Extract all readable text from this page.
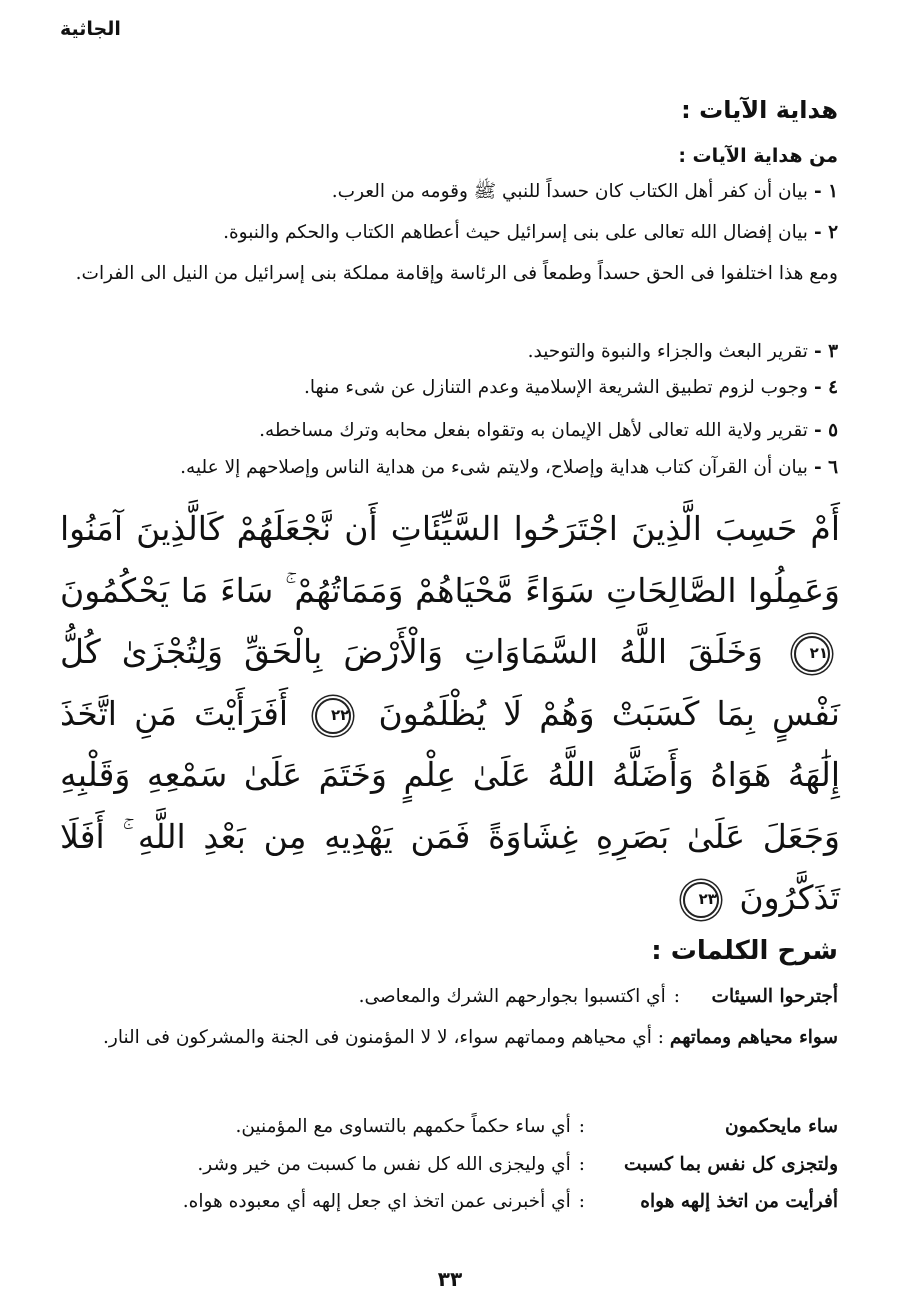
الجاثية
هداية الآيات :
من هداية الآيات :
١ -بيان أن كفر أهل الكتاب كان حسداً للنبي ﷺ وقومه من العرب.
٢ -بيان إفضال الله تعالى على بنى إسرائيل حيث أعطاهم الكتاب والحكم والنبوة.
ومع هذا اختلفوا فى الحق حسداً وطمعاً فى الرئاسة وإقامة مملكة بنى إسرائيل من النيل الى الفرات.
٣ -تقرير البعث والجزاء والنبوة والتوحيد.
٤ -وجوب لزوم تطبيق الشريعة الإسلامية وعدم التنازل عن شىء منها.
٥ -تقرير ولاية الله تعالى لأهل الإيمان به وتقواه بفعل محابه وترك مساخطه.
٦ -بيان أن القرآن كتاب هداية وإصلاح، ولايتم شىء من هداية الناس وإصلاحهم إلا عليه.
أَمْ حَسِبَ الَّذِينَ اجْتَرَحُوا السَّيِّئَاتِ أَن نَّجْعَلَهُمْ كَالَّذِينَ آمَنُوا وَعَمِلُوا الصَّالِحَاتِ سَوَاءً مَّحْيَاهُمْ وَمَمَاتُهُمْ ۚ سَاءَ مَا يَحْكُمُونَ ٢١ وَخَلَقَ اللَّهُ السَّمَاوَاتِ وَالْأَرْضَ بِالْحَقِّ وَلِتُجْزَىٰ كُلُّ نَفْسٍ بِمَا كَسَبَتْ وَهُمْ لَا يُظْلَمُونَ ٢٢ أَفَرَأَيْتَ مَنِ اتَّخَذَ إِلَٰهَهُ هَوَاهُ وَأَضَلَّهُ اللَّهُ عَلَىٰ عِلْمٍ وَخَتَمَ عَلَىٰ سَمْعِهِ وَقَلْبِهِ وَجَعَلَ عَلَىٰ بَصَرِهِ غِشَاوَةً فَمَن يَهْدِيهِ مِن بَعْدِ اللَّهِ ۚ أَفَلَا تَذَكَّرُونَ ٢٣
شرح الكلمات :
أجترحوا السيئات:أي اكتسبوا بجوارحهم الشرك والمعاصى.
سواء محياهم ومماتهم : أي محياهم ومماتهم سواء، لا لا المؤمنون فى الجنة والمشركون فى النار.
ساء مايحكمون:أي ساء حكماً حكمهم بالتساوى مع المؤمنين.
ولتجزى كل نفس بما كسبت:أي وليجزى الله كل نفس ما كسبت من خير وشر.
أفرأيت من اتخذ إلهه هواه:أي أخبرنى عمن اتخذ اي جعل إلهه أي معبوده هواه.
٣٣
